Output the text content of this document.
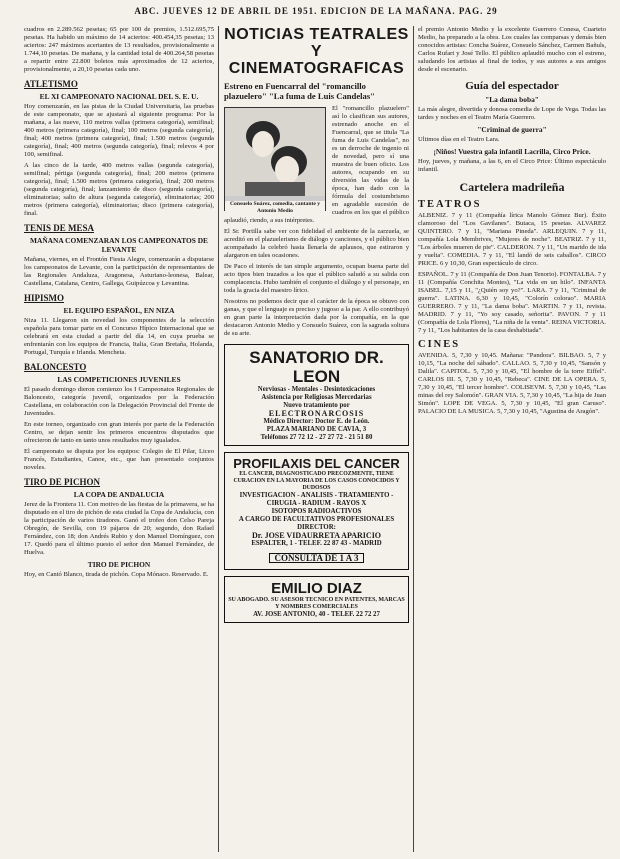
ABC. JUEVES 12 DE ABRIL DE 1951. EDICION DE LA MAÑANA. PAG. 29

cuadros en 2.289.562 pesetas; 65 por 100 de premios, 1.512.695,75 pesetas. Ha habido un máximo de 14 aciertos: 400.454,35 pesetas; 13 aciertos: 247 máximos acertantes de 13 resultados, provisionalmente a 1.744,10 pesetas. De mañana, y la cantidad total de 400.264,58 pesetas a repartir entre 22.800 boletos más aproximados de 12 aciertos, provisionalmente, a 20,10 pesetas cada uno.

ATLETISMO
EL XI CAMPEONATO NACIONAL DEL S. E. U.

Hoy comenzarán, en las pistas de la Ciudad Universitaria, las pruebas de este campeonato, que se ajustará al siguiente programa: Por la mañana, a las nueve, 110 metros vallas (primera categoría), semifinal; 400 metros (primera categoría), final; 100 metros (segunda categoría), final; 400 metros (primera categoría), final; 1.500 metros (segunda categoría), final; 400 metros (segunda categoría), final; relevos 4 por 100, semifinal.

A las cinco de la tarde, 400 metros vallas (segunda categoría), semifinal; pértiga (segunda categoría), final; 200 metros (primera categoría), final; 1.500 metros (primera categoría), final; 200 metros (segunda categoría), final; lanzamiento de disco (segunda categoría), eliminatorias; salto de altura (segunda categoría), eliminatorias; 200 metros (primera categoría), eliminatorias; disco (primera categoría), final.

TENIS DE MESA
MAÑANA COMENZARAN LOS CAMPEONATOS DE LEVANTE

Mañana, viernes, en el Frontón Fiesta Alegre, comenzarán a disputarse los campeonatos de Levante, con la participación de representantes de las Regionales Andaluza, Aragonesa, Asturiano-leonesa, Balear, Castellana, Catalana, Centro, Gallega, Guipúzcoa y Levantina.

HIPISMO
EL EQUIPO ESPAÑOL, EN NIZA

Niza 11. Llegaron sin novedad los componentes de la selección española para tomar parte en el Concurso Hípico Internacional que se celebrará en esta ciudad a partir del día 14, en cuya prueba se enfrentarán con los equipos de Francia, Italia, Gran Bretaña, Holanda, Portugal, Turquía e Irlanda. Mencheta.

BALONCESTO
LAS COMPETICIONES JUVENILES

El pasado domingo dieron comienzo los I Campeonatos Regionales de Baloncesto, categoría juvenil, organizados por la Federación Castellana, en colaboración con la Delegación Provincial del Frente de Juventudes.

En este torneo, organizado con gran interés por parte de la Federación Centro, se dejan sentir los primeros encuentros disputados que ofrecieron de tanto en tanto unos resultados muy igualados.

El campeonato se disputa por los equipos: Colegio de El Pilar, Liceo Francés, Estudiantes, Canoe, etc., que han presentado conjuntos noveles.

TIRO DE PICHON
LA COPA DE ANDALUCIA

Jerez de la Frontera 11. Con motivo de las fiestas de la primavera, se ha disputado en el tiro de pichón de esta ciudad la Copa de Andalucía, con la participación de varios tiradores. Ganó el trofeo don Celso Pareja Obregón, de Sevilla, con 19 pájaros de 20; segundo, don Rafael Fernández, con 18; don Andrés Rubio y don Manuel Domínguez, con 17. Quedó para el último puesto el señor don Manuel Fernández, de Huelva.

TIRO DE PICHON

Hoy, en Cantó Blanco, tirada de pichón. Copa Mónaco. Reservado. E.

NOTICIAS TEATRALES Y CINEMATOGRAFICAS
Estreno en Fuencarral del "romancillo plazuelero" "La fuma de Luis Candelas"
Consuelo Suárez, comedia, cantante y Antonio Medio

El "romancillo plazuelero" así lo clasifican sus autores, estrenado anoche en el Fuencarral, que se titula "La fuma de Luis Candelas", no es un derroche de ingenio ni de novedad, pero sí una muestra de buen oficio. Los autores, ocupando en su diversión las vidas de la época, han dado con la fórmula del costumbrismo en agradable sucesión de cuadros en los que el público aplaudió, riendo, a sus intérpretes.

El Sr. Portilla sabe ver con fidelidad el ambiente de la zarzuela, se acreditó en el plazuelerismo de diálogo y canciones, y el público bien acompañado la celebró hasta llenarla de aplausos, que estiraron y alargaron en tales ocasiones.

De Paco el interés de tan simple argumento, ocupan buena parte del acto tipos bien trazados a los que el público saludó a su salida con complacencia. Hubo también el conjunto el diálogo y el personaje, en toda la gracia del maestro lírico.

Nosotros no podemos decir que el carácter de la época se obtuvo con ganas, y que el lenguaje es preciso y jugoso a la par. A ello contribuyó en gran parte la interpretación dada por la compañía, en la que destacaron Antonio Medio y Consuelo Suárez, con la sagrada soltura de su arte.

SANATORIO DR. LEON
Nerviosas - Mentales - Desintoxicaciones
Asistencia por Religiosas Mercedarias
Nuevo tratamiento por
ELECTRONARCOSIS
Médico Director: Doctor E. de León.
PLAZA MARIANO DE CAVIA, 3
Teléfonos 27 72 12 - 27 27 72 - 21 51 80
PROFILAXIS DEL CANCER
EL CANCER, DIAGNOSTICADO PRECOZMENTE, TIENE CURACION EN LA MAYORIA DE LOS CASOS CONOCIDOS Y DUDOSOS
INVESTIGACION - ANALISIS - TRATAMIENTO - CIRUGIA - RADIUM - RAYOS X
ISOTOPOS RADIOACTIVOS
A CARGO DE FACULTATIVOS PROFESIONALES
DIRECTOR:
Dr. JOSE VIDAURRETA APARICIO
ESPALTER, 1 - TELEF. 22 87 43 - MADRID
CONSULTA DE 1 A 3
EMILIO DIAZ
SU ABOGADO. SU ASESOR TECNICO EN PATENTES, MARCAS Y NOMBRES COMERCIALES
AV. JOSE ANTONIO, 40 - TELEF. 22 72 27

el premio Antonio Medio y la excelente Guerrero Conesa, Cuarteto Medio, ha preparado a la obra. Los cuales las comparsas y demás bien conocidos artistas: Concha Suárez, Consuelo Sánchez, Carmen Bañuls, Carlos Rufart y José Tello. El público aplaudió mucho con el estreno, saludando los artistas al final de todos, y sus autores a sus amigos desde el escenario.

Guía del espectador
"La dama boba"

La más alegre, divertida y donosa comedia de Lope de Vega. Todas las tardes y noches en el Teatro María Guerrero.

"Criminal de guerra"

Ultimos días en el Teatro Lara.

¡Niños! Vuestra gala infantil Lacrilla, Circo Price.

Hoy, jueves, y mañana, a las 6, en el Circo Price: Último espectáculo infantil.

Cartelera madrileña
TEATROS

ALBENIZ. 7 y 11 (Compañía lírica Manolo Gómez Bur). Éxito clamoroso del "Los Gavilanes". Butaca, 15 pesetas. ALVAREZ QUINTERO. 7 y 11, "Mariana Pineda". ARLEQUIN. 7 y 11, compañía Lola Membrives, "Mujeres de noche". BEATRIZ. 7 y 11, "Los árboles mueren de pie". CALDERON. 7 y 11, "Un marido de ida y vuelta". COMEDIA. 7 y 11, "El landó de seis caballos". CIRCO PRICE. 6 y 10,30, Gran espectáculo de circo.

ESPAÑOL. 7 y 11 (Compañía de Don Juan Tenorio). FONTALBA. 7 y 11 (Compañía Conchita Montes), "La vida en un hilo". INFANTA ISABEL. 7,15 y 11, "¿Quién soy yo?". LARA. 7 y 11, "Criminal de guerra". LATINA. 6,30 y 10,45, "Colorín colorao". MARIA GUERRERO. 7 y 11, "La dama boba". MARTIN. 7 y 11, revista. MADRID. 7 y 11, "Yo soy casado, señorita". PAVON. 7 y 11 (Compañía de Lola Flores), "La niña de la venta". REINA VICTORIA. 7 y 11, "Los habitantes de la casa deshabitada".

CINES

AVENIDA. 5, 7,30 y 10,45. Mañana: "Pandora". BILBAO. 5, 7 y 10,15, "La noche del sábado". CALLAO. 5, 7,30 y 10,45, "Sansón y Dalila". CAPITOL. 5, 7,30 y 10,45, "El hombre de la torre Eiffel". CARLOS III. 5, 7,30 y 10,45, "Rebeca". CINE DE LA OPERA. 5, 7,30 y 10,45, "El tercer hombre". COLISEVM. 5, 7,30 y 10,45, "Las minas del rey Salomón". GRAN VIA. 5, 7,30 y 10,45, "La hija de Juan Simón". LOPE DE VEGA. 5, 7,30 y 10,45, "El gran Caruso". PALACIO DE LA MUSICA. 5, 7,30 y 10,45, "Agustina de Aragón".
